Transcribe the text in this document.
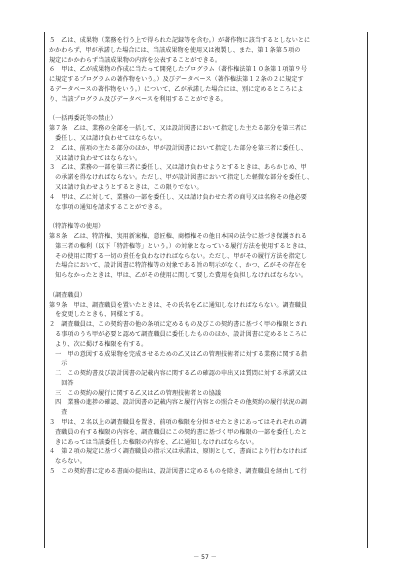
５　乙は、成果物（業務を行う上で得られた記録等を含む。）が著作物に該当するとしないとに
かかわらず、甲が承諾した場合には、当該成果物を使用又は複製し、また、第１条第５項の
規定にかかわらず当該成果物の内容を公表することができる。
６　甲は、乙が成果物の作成に当たって開発したプログラム（著作権法第１０条第１項第９号
に規定するプログラムの著作物をいう。）及びデータベース（著作権法第１２条の２に規定す
るデータベースの著作物をいう。）について、乙が承諾した場合には、別に定めるところによ
り、当該プログラム及びデータベースを利用することができる。
（一括再委託等の禁止）
第７条　乙は、業務の全部を一括して、又は設計図書において指定した主たる部分を第三者に
　委任し、又は請け負わせてはならない。
２　乙は、前項の主たる部分のほか、甲が設計図書において指定した部分を第三者に委任し、
　又は請け負わせてはならない。
３　乙は、業務の一部を第三者に委任し、又は請け負わせようとするときは、あらかじめ、甲
　の承諾を得なければならない。ただし、甲が設計図書において指定した軽微な部分を委任し、
　又は請け負わせようとするときは、この限りでない。
４　甲は、乙に対して、業務の一部を委任し、又は請け負わせた者の商号又は名称その他必要
　な事項の通知を請求することができる。
（特許権等の使用）
第８条　乙は、特許権、実用新案権、意匠権、商標権その他日本国の法令に基づき保護される
　第三者の権利（以下「特許権等」という。）の対象となっている履行方法を使用するときは、
　その使用に関する一切の責任を負わなければならない。ただし、甲がその履行方法を指定し
　た場合において、設計図書に特許権等の対象である旨の明示がなく、かつ、乙がその存在を
　知らなかったときは、甲は、乙がその使用に関して要した費用を負担しなければならない。
（調査職員）
第９条　甲は、調査職員を置いたときは、その氏名を乙に通知しなければならない。調査職員
　を変更したときも、同様とする。
２　調査職員は、この契約書の他の条項に定めるもの及びこの契約書に基づく甲の権限とされ
　る事項のうち甲が必要と認めて調査職員に委任したもののほか、設計図書に定めるところに
　より、次に掲げる権限を有する。
　一　甲の意図する成果物を完成させるための乙又は乙の管理技術者に対する業務に関する指
　　示
　二　この契約書及び設計図書の記載内容に関する乙の確認の申出又は質問に対する承諾又は
　　回答
　三　この契約の履行に関する乙又は乙の管理技術者との協議
　四　業務の進捗の確認、設計図書の記載内容と履行内容との照合その他契約の履行状況の調
　　査
３　甲は、２名以上の調査職員を置き、前項の権限を分担させたときにあってはそれぞれの調
　査職員の有する権限の内容を、調査職員にこの契約書に基づく甲の権限の一部を委任したと
　きにあっては当該委任した権限の内容を、乙に通知しなければならない。
４　第２項の規定に基づく調査職員の指示又は承諾は、原則として、書面により行わなければ
　ならない。
５　この契約書に定める書面の提出は、設計図書に定めるものを除き、調査職員を経由して行
－ 57 －
